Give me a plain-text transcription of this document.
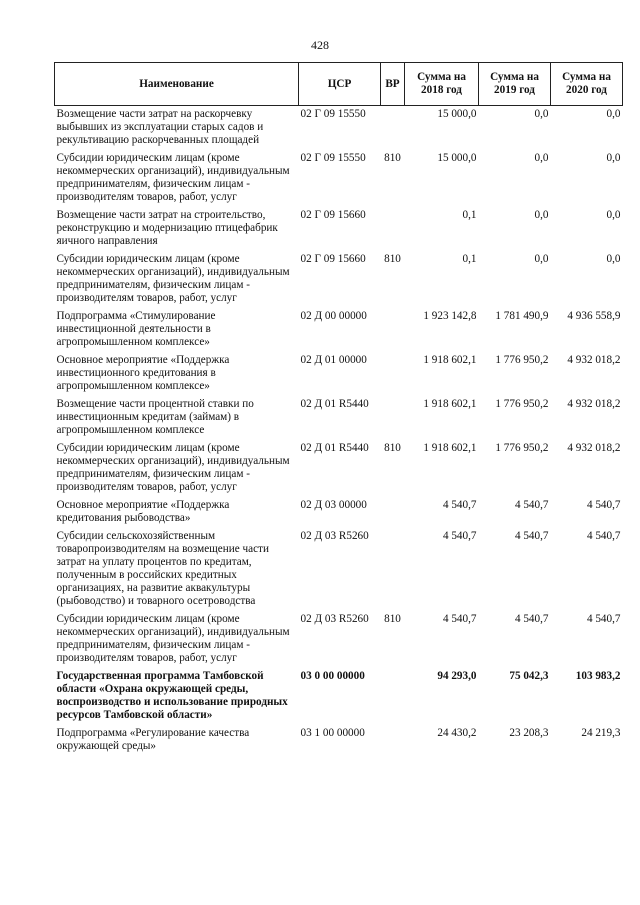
428
Наименование	ЦСР	ВР	Сумма на 2018 год	Сумма на 2019 год	Сумма на 2020 год
Возмещение части затрат на раскорчевку выбывших из эксплуатации старых садов и рекультивацию раскорчеванных площадей	02 Г 09 15550		15 000,0	0,0	0,0
Субсидии юридическим лицам (кроме некоммерческих организаций), индивидуальным предпринимателям, физическим лицам - производителям товаров, работ, услуг	02 Г 09 15550	810	15 000,0	0,0	0,0
Возмещение части затрат на строительство, реконструкцию и модернизацию птицефабрик яичного направления	02 Г 09 15660		0,1	0,0	0,0
Субсидии юридическим лицам (кроме некоммерческих организаций), индивидуальным предпринимателям, физическим лицам - производителям товаров, работ, услуг	02 Г 09 15660	810	0,1	0,0	0,0
Подпрограмма «Стимулирование инвестиционной деятельности в агропромышленном комплексе»	02 Д 00 00000		1 923 142,8	1 781 490,9	4 936 558,9
Основное мероприятие «Поддержка инвестиционного кредитования в агропромышленном комплексе»	02 Д 01 00000		1 918 602,1	1 776 950,2	4 932 018,2
Возмещение части процентной ставки по инвестиционным кредитам (займам) в агропромышленном комплексе	02 Д 01 R5440		1 918 602,1	1 776 950,2	4 932 018,2
Субсидии юридическим лицам (кроме некоммерческих организаций), индивидуальным предпринимателям, физическим лицам - производителям товаров, работ, услуг	02 Д 01 R5440	810	1 918 602,1	1 776 950,2	4 932 018,2
Основное мероприятие «Поддержка кредитования рыбоводства»	02 Д 03 00000		4 540,7	4 540,7	4 540,7
Субсидии сельскохозяйственным товаропроизводителям на возмещение части затрат на уплату процентов по кредитам, полученным в российских кредитных организациях, на развитие аквакультуры (рыбоводство) и товарного осетроводства	02 Д 03 R5260		4 540,7	4 540,7	4 540,7
Субсидии юридическим лицам (кроме некоммерческих организаций), индивидуальным предпринимателям, физическим лицам - производителям товаров, работ, услуг	02 Д 03 R5260	810	4 540,7	4 540,7	4 540,7
Государственная программа Тамбовской области «Охрана окружающей среды, воспроизводство и использование природных ресурсов Тамбовской области»	03 0 00 00000		94 293,0	75 042,3	103 983,2
Подпрограмма «Регулирование качества окружающей среды»	03 1 00 00000		24 430,2	23 208,3	24 219,3
